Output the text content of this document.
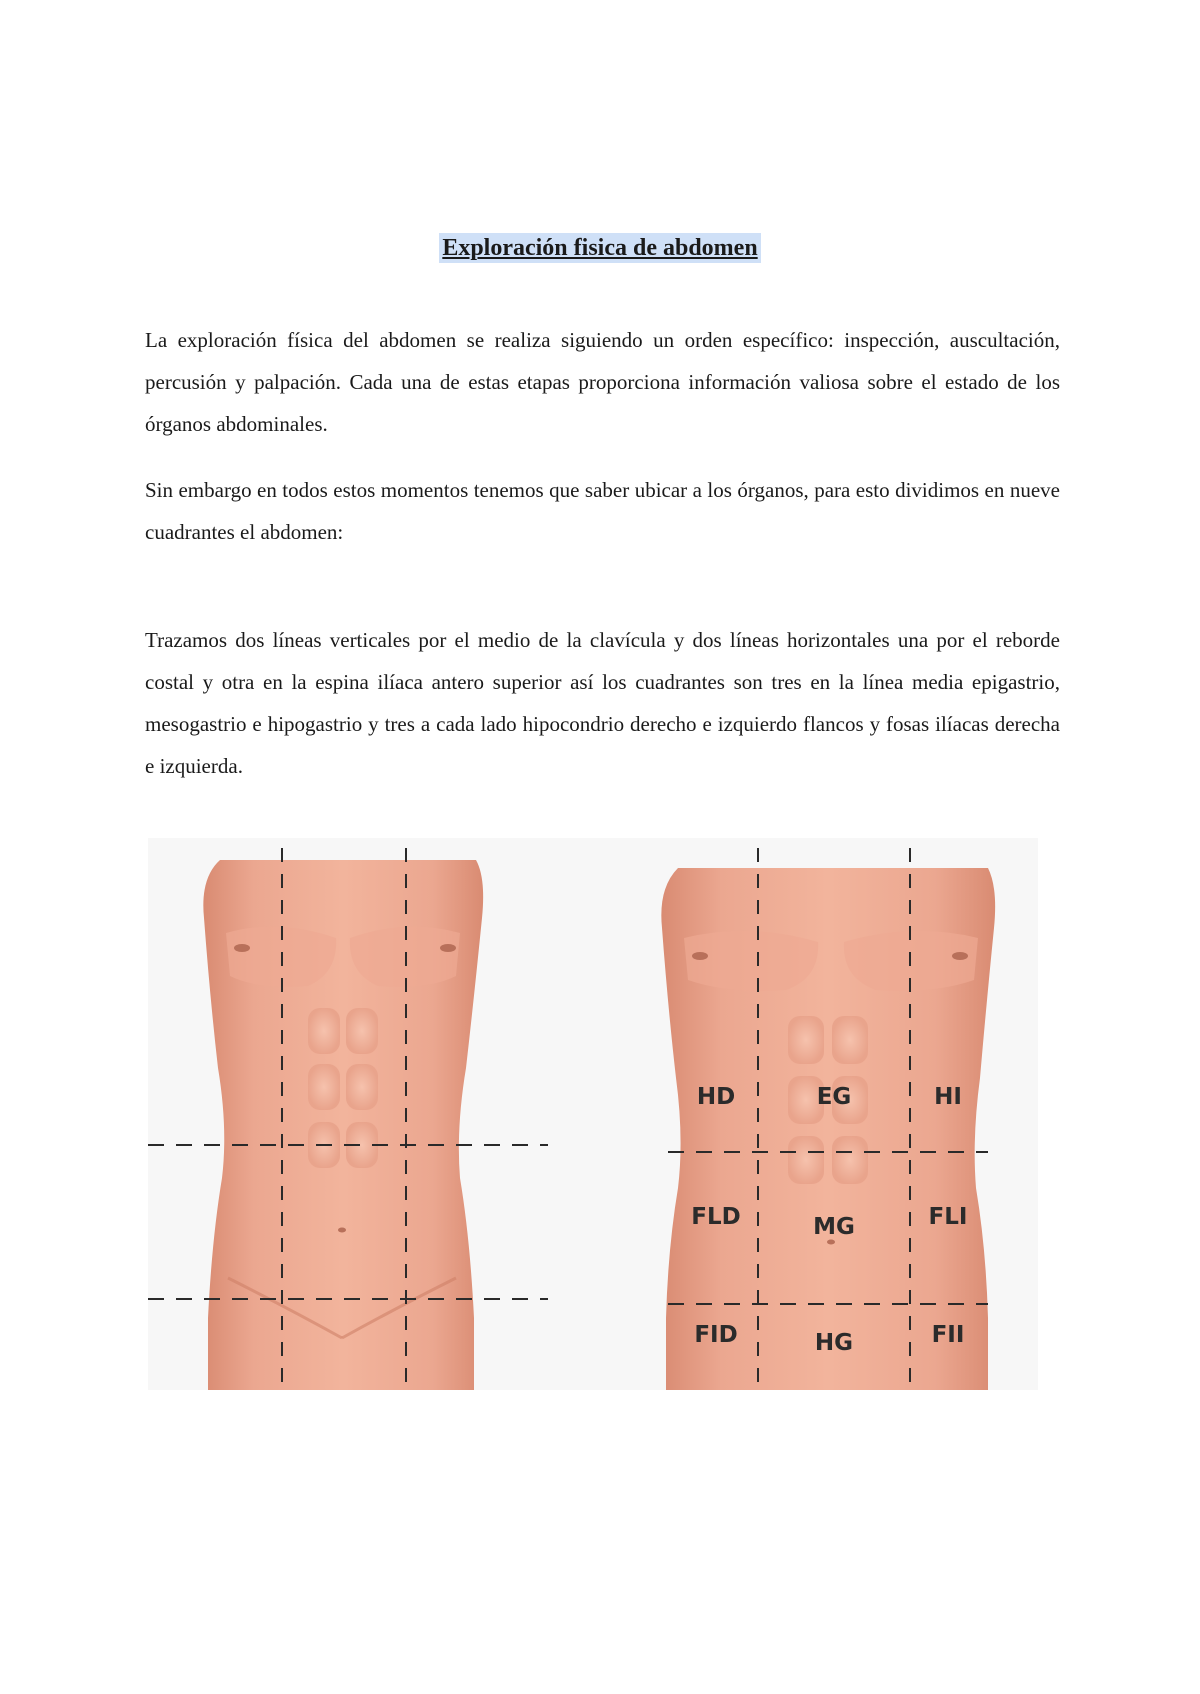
Exploración fisica de abdomen

La exploración física del abdomen se realiza siguiendo un orden específico: inspección, auscultación, percusión y palpación. Cada una de estas etapas proporciona información valiosa sobre el estado de los órganos abdominales.

Sin embargo en todos estos momentos tenemos que saber ubicar a los órganos, para esto dividimos en nueve cuadrantes el abdomen:

Trazamos dos líneas verticales por el medio de la clavícula y dos líneas horizontales una por el reborde costal y otra en la espina ilíaca antero superior así los cuadrantes son tres en la línea media epigastrio, mesogastrio e hipogastrio y tres a cada lado hipocondrio derecho e izquierdo flancos y fosas ilíacas derecha e izquierda.

HD	EG	HI
FLD	MG	FLI
FID	HG	FII
